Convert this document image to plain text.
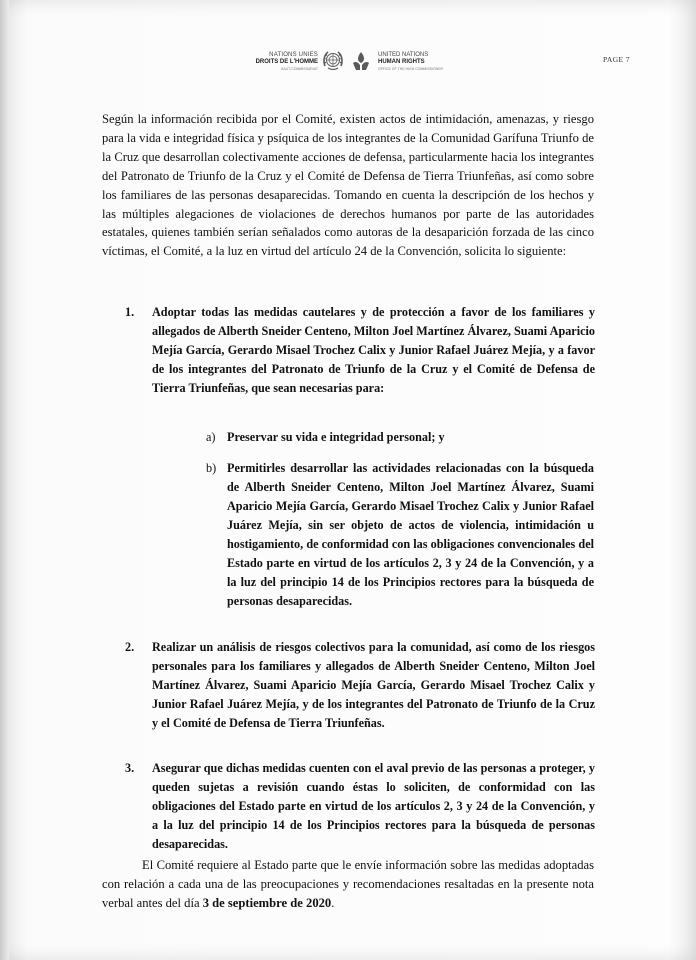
NATIONS UNIES
DROITS DE L'HOMME
HAUT-COMMISSARIAT
UNITED NATIONS
HUMAN RIGHTS
OFFICE OF THE HIGH COMMISSIONER
PAGE 7
Según la información recibida por el Comité, existen actos de intimidación, amenazas, y riesgo para la vida e integridad física y psíquica de los integrantes de la Comunidad Garífuna Triunfo de la Cruz que desarrollan colectivamente acciones de defensa, particularmente hacia los integrantes del Patronato de Triunfo de la Cruz y el Comité de Defensa de Tierra Triunfeñas, así como sobre los familiares de las personas desaparecidas. Tomando en cuenta la descripción de los hechos y las múltiples alegaciones de violaciones de derechos humanos por parte de las autoridades estatales, quienes también serían señalados como autoras de la desaparición forzada de las cinco víctimas, el Comité, a la luz en virtud del artículo 24 de la Convención, solicita lo siguiente:
1.	Adoptar todas las medidas cautelares y de protección a favor de los familiares y allegados de Alberth Sneider Centeno, Milton Joel Martínez Álvarez, Suami Aparicio Mejía García, Gerardo Misael Trochez Calix y Junior Rafael Juárez Mejía, y a favor de los integrantes del Patronato de Triunfo de la Cruz y el Comité de Defensa de Tierra Triunfeñas, que sean necesarias para:
a) Preservar su vida e integridad personal; y
b) Permitirles desarrollar las actividades relacionadas con la búsqueda de Alberth Sneider Centeno, Milton Joel Martínez Álvarez, Suami Aparicio Mejía García, Gerardo Misael Trochez Calix y Junior Rafael Juárez Mejía, sin ser objeto de actos de violencia, intimidación u hostigamiento, de conformidad con las obligaciones convencionales del Estado parte en virtud de los artículos 2, 3 y 24 de la Convención, y a la luz del principio 14 de los Principios rectores para la búsqueda de personas desaparecidas.
2.	Realizar un análisis de riesgos colectivos para la comunidad, así como de los riesgos personales para los familiares y allegados de Alberth Sneider Centeno, Milton Joel Martínez Álvarez, Suami Aparicio Mejía García, Gerardo Misael Trochez Calix y Junior Rafael Juárez Mejía, y de los integrantes del Patronato de Triunfo de la Cruz y el Comité de Defensa de Tierra Triunfeñas.
3.	Asegurar que dichas medidas cuenten con el aval previo de las personas a proteger, y queden sujetas a revisión cuando éstas lo soliciten, de conformidad con las obligaciones del Estado parte en virtud de los artículos 2, 3 y 24 de la Convención, y a la luz del principio 14 de los Principios rectores para la búsqueda de personas desaparecidas.
El Comité requiere al Estado parte que le envíe información sobre las medidas adoptadas con relación a cada una de las preocupaciones y recomendaciones resaltadas en la presente nota verbal antes del día 3 de septiembre de 2020.
